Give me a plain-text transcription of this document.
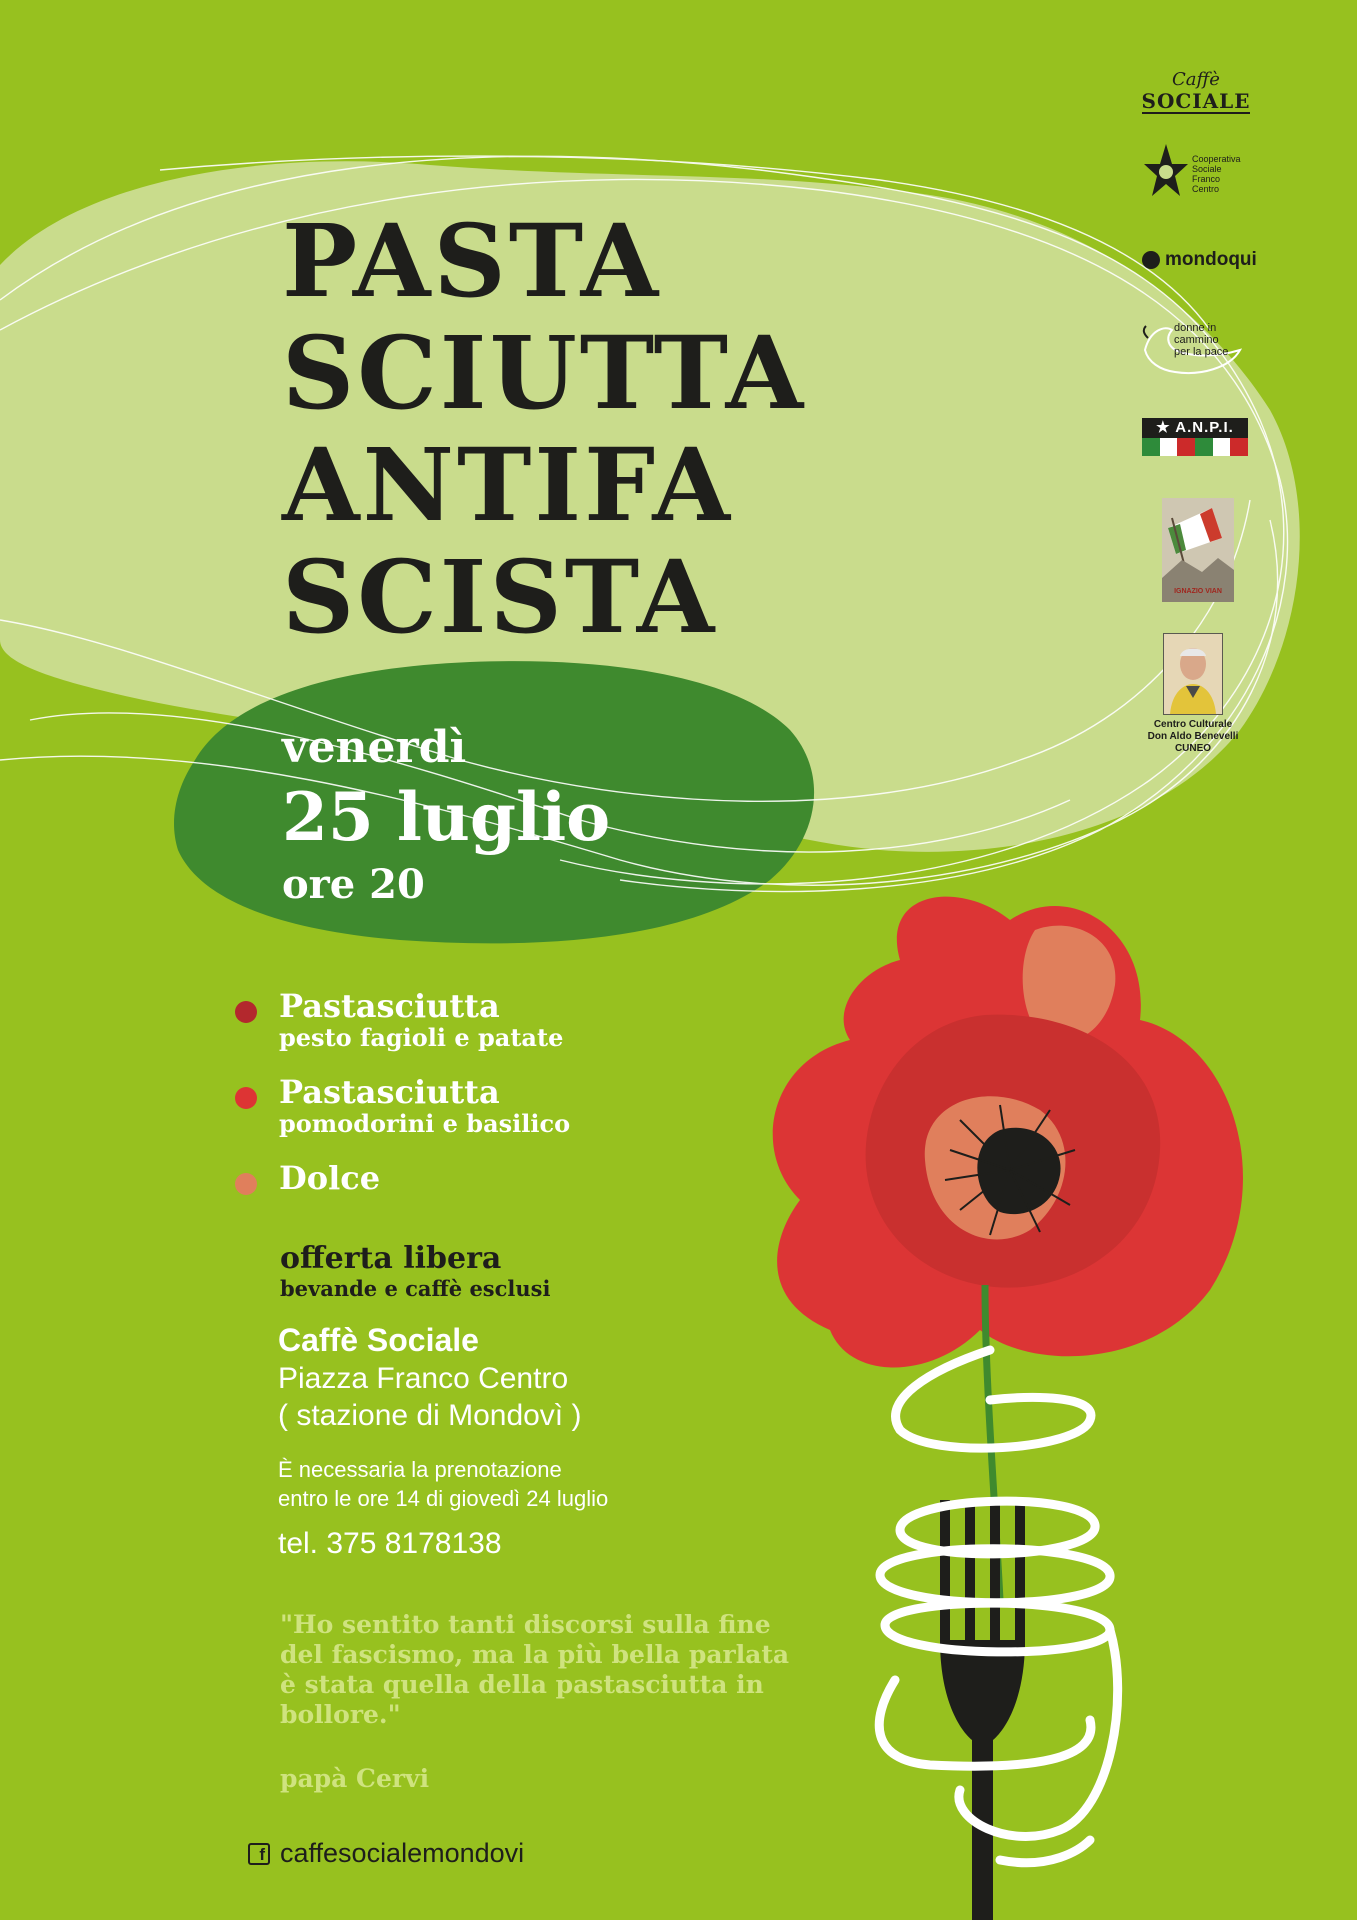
PASTA
SCIUTTA
ANTIFA
SCISTA
venerdì
25 luglio
ore 20
Pastasciutta
pesto fagioli e patate
Pastasciutta
pomodorini e basilico
Dolce
offerta libera
bevande e caffè esclusi
Caffè Sociale
Piazza Franco Centro
( stazione di Mondovì )
È necessaria la prenotazione
entro le ore 14 di giovedì 24 luglio
tel. 375 8178138

"Ho sentito tanti discorsi sulla fine del fascismo, ma la più bella parlata è stata quella della pastasciutta in bollore."

papà Cervi
f caffesocialemondovi
Caffè
SOCIALE
Cooperativa
Sociale
Franco
Centro
mondoqui
donne in
cammino
per la pace
★ A.N.P.I.
IGNAZIO VIAN
Centro Culturale
Don Aldo Benevelli
CUNEO
